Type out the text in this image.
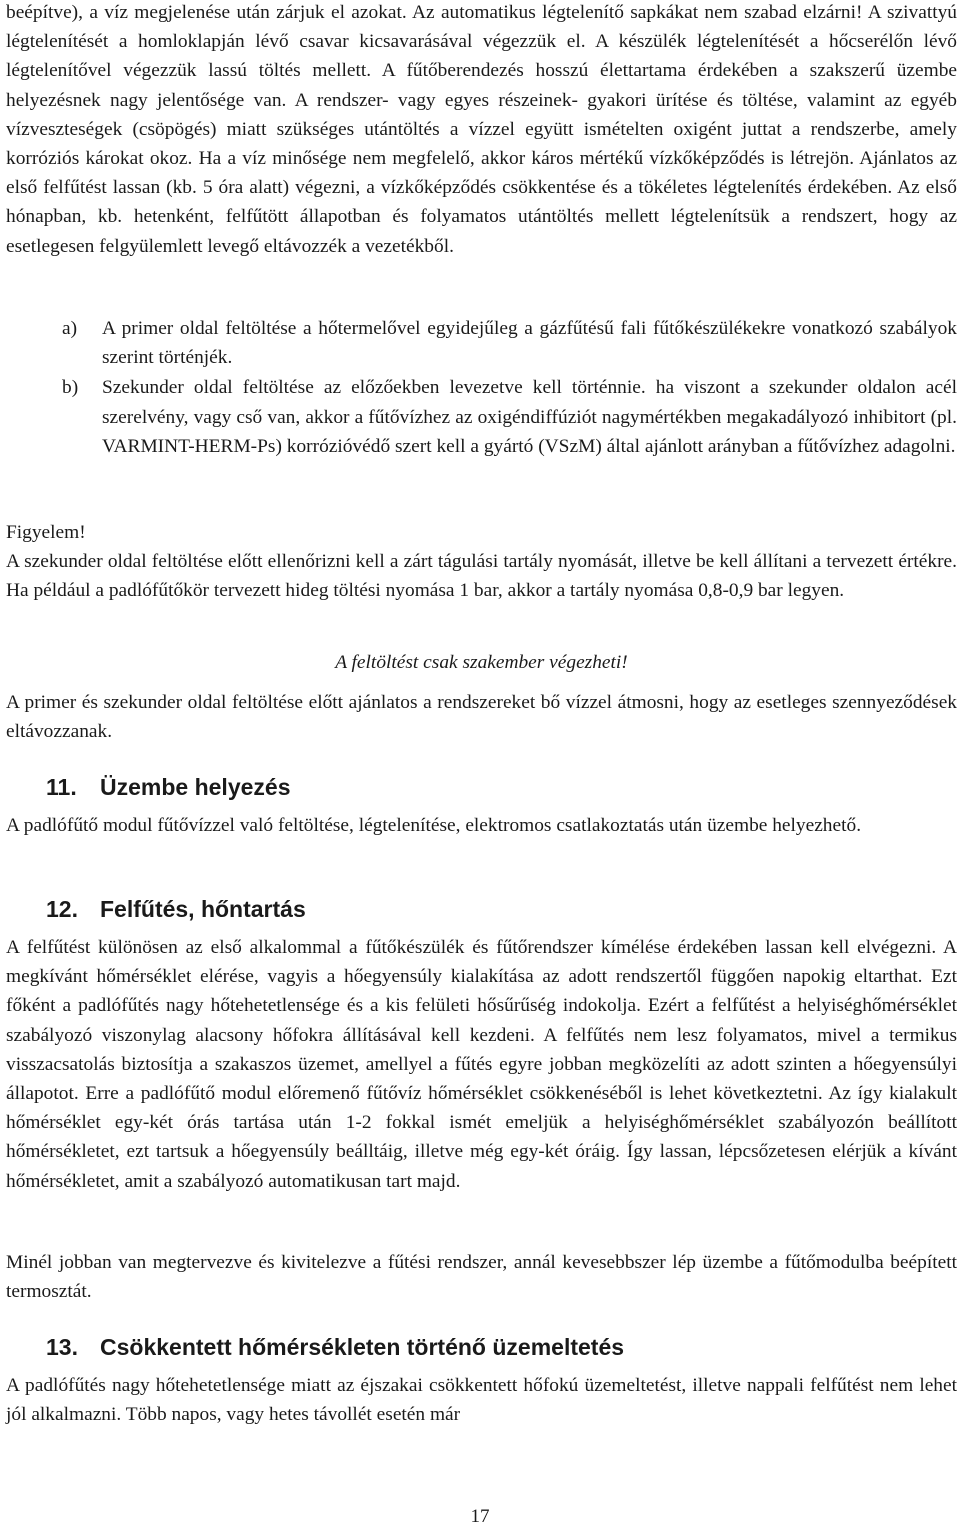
beépítve), a víz megjelenése után zárjuk el azokat. Az automatikus légtelenítő sapkákat nem szabad elzárni! A szivattyú légtelenítését a homloklapján lévő csavar kicsavarásával végezzük el. A készülék légtelenítését a hőcserélőn lévő légtelenítővel végezzük lassú töltés mellett. A fűtőberendezés hosszú élettartama érdekében a szakszerű üzembe helyezésnek nagy jelentősége van. A rendszer- vagy egyes részeinek- gyakori ürítése és töltése, valamint az egyéb vízveszteségek (csöpögés) miatt szükséges utántöltés a vízzel együtt ismételten oxigént juttat a rendszerbe, amely korróziós károkat okoz. Ha a víz minősége nem megfelelő, akkor káros mértékű vízkőképződés is létrejön. Ajánlatos az első felfűtést lassan (kb. 5 óra alatt) végezni, a vízkőképződés csökkentése és a tökéletes légtelenítés érdekében. Az első hónapban, kb. hetenként, felfűtött állapotban és folyamatos utántöltés mellett légtelenítsük a rendszert, hogy az esetlegesen felgyülemlett levegő eltávozzék a vezetékből.
a)	A primer oldal feltöltése a hőtermelővel egyidejűleg a gázfűtésű fali fűtőkészülékekre vonatkozó szabályok szerint történjék.
b)	Szekunder oldal feltöltése az előzőekben levezetve kell történnie. ha viszont a szekunder oldalon acél szerelvény, vagy cső van, akkor a fűtővízhez az oxigéndiffúziót nagymértékben megakadályozó inhibitort (pl. VARMINT-HERM-Ps) korrózióvédő szert kell a gyártó (VSzM) által ajánlott arányban a fűtővízhez adagolni.
Figyelem!
A szekunder oldal feltöltése előtt ellenőrizni kell a zárt tágulási tartály nyomását, illetve be kell állítani a tervezett értékre. Ha például a padlófűtőkör tervezett hideg töltési nyomása 1 bar, akkor a tartály nyomása 0,8-0,9 bar legyen.
A feltöltést csak szakember végezheti!
A primer és szekunder oldal feltöltése előtt ajánlatos a rendszereket bő vízzel átmosni, hogy az esetleges szennyeződések eltávozzanak.
11. Üzembe helyezés
A padlófűtő modul fűtővízzel való feltöltése, légtelenítése, elektromos csatlakoztatás után üzembe helyezhető.
12. Felfűtés, hőntartás
A felfűtést különösen az első alkalommal a fűtőkészülék és fűtőrendszer kímélése érdekében lassan kell elvégezni. A megkívánt hőmérséklet elérése, vagyis a hőegyensúly kialakítása az adott rendszertől függően napokig eltarthat. Ezt főként a padlófűtés nagy hőtehetetlensége és a kis felületi hősűrűség indokolja. Ezért a felfűtést a helyiséghőmérséklet szabályozó viszonylag alacsony hőfokra állításával kell kezdeni. A felfűtés nem lesz folyamatos, mivel a termikus visszacsatolás biztosítja a szakaszos üzemet, amellyel a fűtés egyre jobban megközelíti az adott szinten a hőegyensúlyi állapotot. Erre a padlófűtő modul előremenő fűtővíz hőmérséklet csökkenéséből is lehet következtetni. Az így kialakult hőmérséklet egy-két órás tartása után 1-2 fokkal ismét emeljük a helyiséghőmérséklet szabályozón beállított hőmérsékletet, ezt tartsuk a hőegyensúly beálltáig, illetve még egy-két óráig. Így lassan, lépcsőzetesen elérjük a kívánt hőmérsékletet, amit a szabályozó automatikusan tart majd.
Minél jobban van megtervezve és kivitelezve a fűtési rendszer, annál kevesebbszer lép üzembe a fűtőmodulba beépített termosztát.
13. Csökkentett hőmérsékleten történő üzemeltetés
A padlófűtés nagy hőtehetetlensége miatt az éjszakai csökkentett hőfokú üzemeltetést, illetve nappali felfűtést nem lehet jól alkalmazni. Több napos, vagy hetes távollét esetén már
17
